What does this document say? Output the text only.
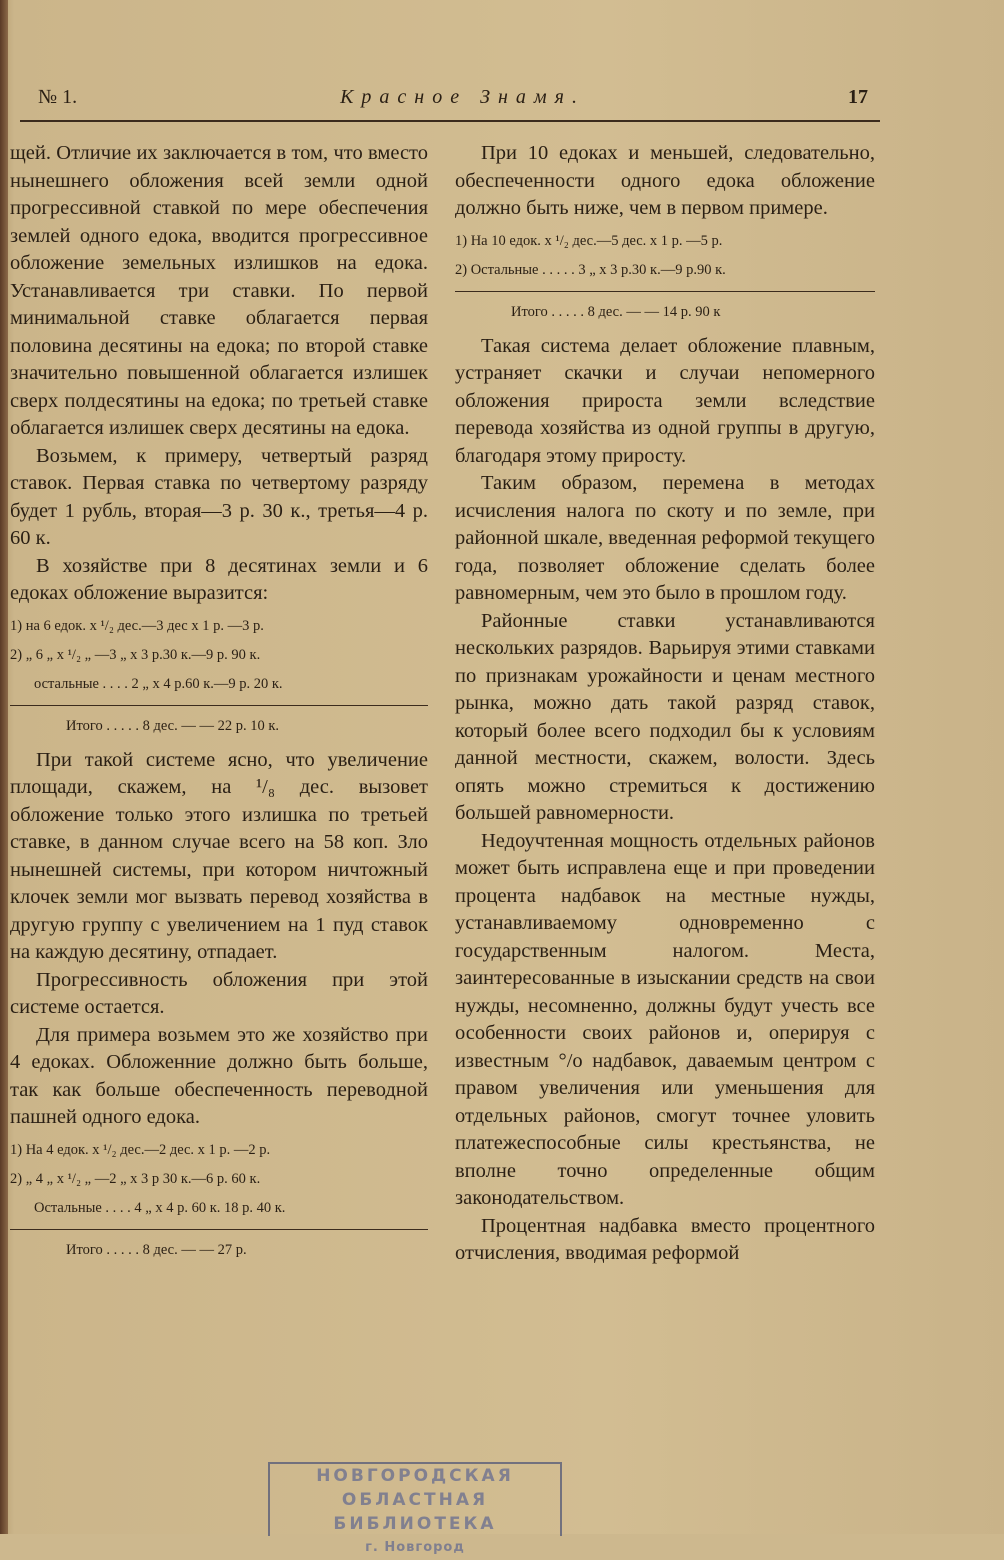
№ 1.	Красное Знамя.	17

щей. Отличие их заключается в том, что вместо нынешнего обложения всей земли одной прогрессивной ставкой по мере обеспечения землей одного едока, вводится прогрессивное обложение земельных излишков на едока. Устанавливается три ставки. По первой минимальной ставке облагается первая половина десятины на едока; по второй ставке значительно повышенной облагается излишек сверх полдесятины на едока; по третьей ставке облагается излишек сверх десятины на едока.

Возьмем, к примеру, четвертый разряд ставок. Первая ставка по четвертому разряду будет 1 рубль, вторая—3 р. 30 к., третья—4 р. 60 к.

В хозяйстве при 8 десятинах земли и 6 едоках обложение выразится:

1) на 6 едок. х ¹/₂ дес.—3 дес х 1 р. —3 р.
2) „ 6 „ х ¹/₂ „ —3 „ х 3 р.30 к.—9 р. 90 к.
остальные . . . . 2 „ х 4 р.60 к.—9 р. 20 к.
Итого . . . . . 8 дес. — — 22 р. 10 к.

При такой системе ясно, что увеличение площади, скажем, на ¹/₈ дес. вызовет обложение только этого излишка по третьей ставке, в данном случае всего на 58 коп. Зло нынешней системы, при котором ничтожный клочек земли мог вызвать перевод хозяйства в другую группу с увеличением на 1 пуд ставок на каждую десятину, отпадает.

Прогрессивность обложения при этой системе остается.

Для примера возьмем это же хозяйство при 4 едоках. Обложенние должно быть больше, так как больше обеспеченность переводной пашней одного едока.

1) На 4 едок. х ¹/₂ дес.—2 дес. х 1 р. —2 р.
2) „ 4 „ х ¹/₂ „ —2 „ х 3 р 30 к.—6 р. 60 к.
Остальные . . . . 4 „ х 4 р. 60 к. 18 р. 40 к.
Итого . . . . . 8 дес. — — 27 р.

При 10 едоках и меньшей, следовательно, обеспеченности одного едока обложение должно быть ниже, чем в первом примере.

1) На 10 едок. х ¹/₂ дес.—5 дес. х 1 р. —5 р.
2) Остальные . . . . . 3 „ х 3 р.30 к.—9 р.90 к.
Итого . . . . . 8 дес. — — 14 р. 90 к

Такая система делает обложение плавным, устраняет скачки и случаи непомерного обложения прироста земли вследствие перевода хозяйства из одной группы в другую, благодаря этому приросту.

Таким образом, перемена в методах исчисления налога по скоту и по земле, при районной шкале, введенная реформой текущего года, позволяет обложение сделать более равномерным, чем это было в прошлом году.

Районные ставки устанавливаются нескольких разрядов. Варьируя этими ставками по признакам урожайности и ценам местного рынка, можно дать такой разряд ставок, который более всего подходил бы к условиям данной местности, скажем, волости. Здесь опять можно стремиться к достижению большей равномерности.

Недоучтенная мощность отдельных районов может быть исправлена еще и при проведении процента надбавок на местные нужды, устанавливаемому одновременно с государственным налогом. Места, заинтересованные в изыскании средств на свои нужды, несомненно, должны будут учесть все особенности своих районов и, оперируя с известным °/о надбавок, даваемым центром с правом увеличения или уменьшения для отдельных районов, смогут точнее уловить платежеспособные силы крестьянства, не вполне точно определенные общим законодательством.

Процентная надбавка вместо процентного отчисления, вводимая реформой

НОВГОРОДСКАЯ
ОБЛАСТНАЯ БИБЛИОТЕКА
г. Новгород
